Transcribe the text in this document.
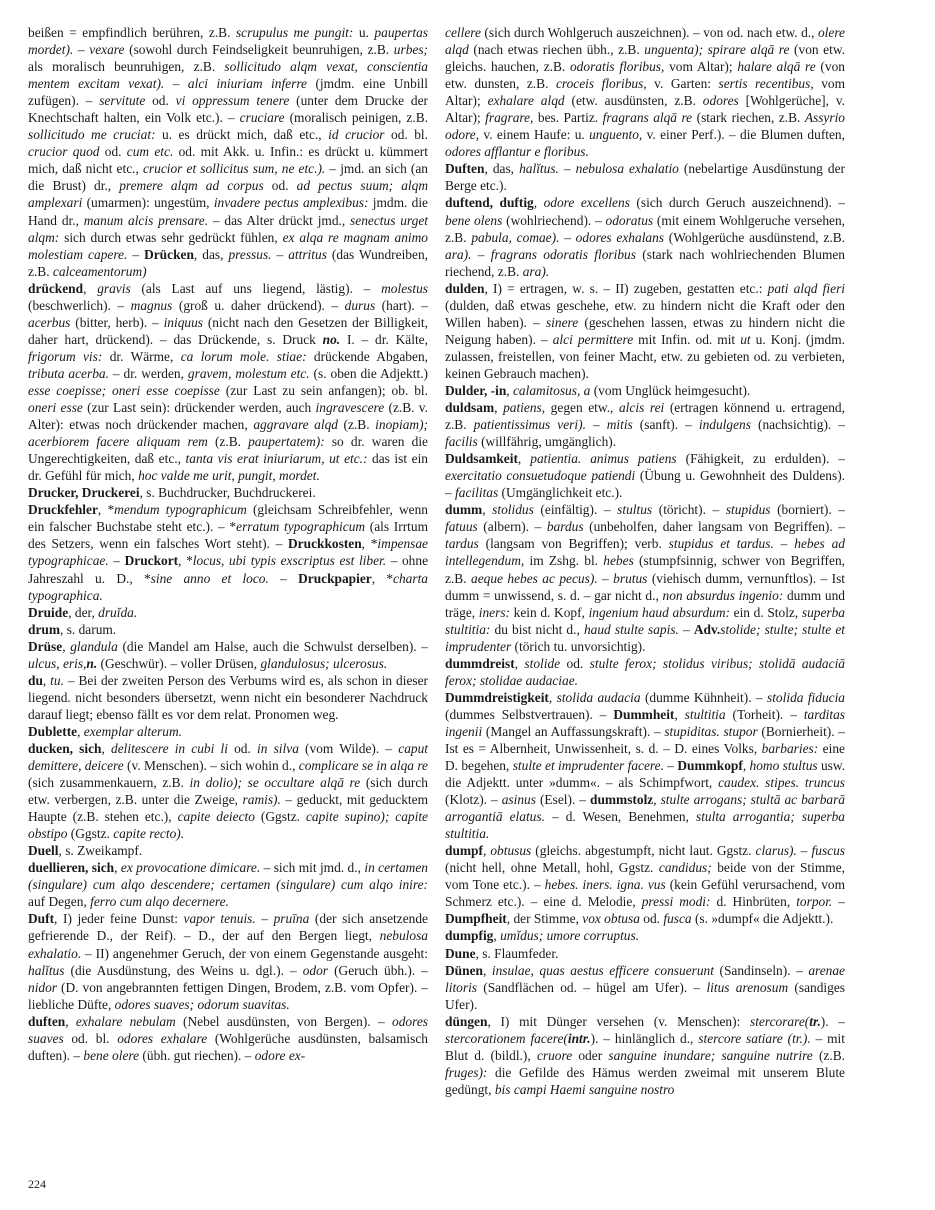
beißen = empfindlich berühren, z.B. scrupulus me pungit: u. paupertas mordet). – vexare (sowohl durch Feindseligkeit beunruhigen, z.B. urbes; als moralisch beunruhigen, z.B. sollicitudo alqm vexat, conscientia mentem excitam vexat). – alci iniuriam inferre (jmdm. eine Unbill zufügen). – servitute od. vi oppressum tenere (unter dem Drucke der Knechtschaft halten, ein Volk etc.). – cruciare (moralisch peinigen, z.B. sollicitudo me cruciat: u. es drückt mich, daß etc., id crucior od. bl. crucior quod od. cum etc. od. mit Akk. u. Infin.: es drückt u. kümmert mich, daß nicht etc., crucior et sollicitus sum, ne etc.). – jmd. an sich (an die Brust) dr., premere alqm ad corpus od. ad pectus suum; alqm amplexari (umarmen): ungestüm, invadere pectus amplexibus: jmdm. die Hand dr., manum alcis prensare. – das Alter drückt jmd., senectus urget alqm: sich durch etwas sehr gedrückt fühlen, ex alqa re magnam animo molestiam capere. – Drücken, das, pressus. – attritus (das Wundreiben, z.B. calceamentorum)
drückend, gravis (als Last auf uns liegend, lästig). – molestus (beschwerlich). – magnus (groß u. daher drückend). – durus (hart). – acerbus (bitter, herb). – iniquus (nicht nach den Gesetzen der Billigkeit, daher hart, drückend). – das Drückende, s. Druck no. I. – dr. Kälte, frigorum vis: dr. Wärme, ca lorum mole. stiae: drückende Abgaben, tributa acerba. – dr. werden, gravem, molestum etc. (s. oben die Adjektt.) esse coepisse; oneri esse coepisse (zur Last zu sein anfangen); ob. bl. oneri esse (zur Last sein): drückender werden, auch ingravescere (z.B. v. Alter): etwas noch drückender machen, aggravare alqd (z.B. inopiam); acerbiorem facere aliquam rem (z.B. paupertatem): so dr. waren die Ungerechtigkeiten, daß etc., tanta vis erat iniuriarum, ut etc.: das ist ein dr. Gefühl für mich, hoc valde me urit, pungit, mordet.
Drucker, Druckerei, s. Buchdrucker, Buchdruckerei.
Druckfehler, *mendum typographicum (gleichsam Schreibfehler, wenn ein falscher Buchstabe steht etc.). – *erratum typographicum (als Irrtum des Setzers, wenn ein falsches Wort steht). – Druckkosten, *impensae typographicae. – Druckort, *locus, ubi typis exscriptus est liber. – ohne Jahreszahl u. D., *sine anno et loco. – Druckpapier, *charta typographica.
Druide, der, druĭda.
drum, s. darum.
Drüse, glandula (die Mandel am Halse, auch die Schwulst derselben). – ulcus, eris,n. (Geschwür). – voller Drüsen, glandulosus; ulcerosus.
du, tu. – Bei der zweiten Person des Verbums wird es, als schon in dieser liegend. nicht besonders übersetzt, wenn nicht ein besonderer Nachdruck darauf liegt; ebenso fällt es vor dem relat. Pronomen weg.
Dublette, exemplar alterum.
ducken, sich, delitescere in cubi li od. in silva (vom Wilde). – caput demittere, deicere (v. Menschen). – sich wohin d., complicare se in alqa re (sich zusammenkauern, z.B. in dolio); se occultare alqā re (sich durch etw. verbergen, z.B. unter die Zweige, ramis). – geduckt, mit geducktem Haupte (z.B. stehen etc.), capite deiecto (Ggstz. capite supino); capite obstipo (Ggstz. capite recto).
Duell, s. Zweikampf.
duellieren, sich, ex provocatione dimicare. – sich mit jmd. d., in certamen (singulare) cum alqo descendere; certamen (singulare) cum alqo inire: auf Degen, ferro cum alqo decernere.
Duft, I) jeder feine Dunst: vapor tenuis. – pruīna (der sich ansetzende gefrierende D., der Reif). – D., der auf den Bergen liegt, nebulosa exhalatio. – II) angenehmer Geruch, der von einem Gegenstande ausgeht: halĭtus (die Ausdünstung, des Weins u. dgl.). – odor (Geruch übh.). – nidor (D. von angebrannten fettigen Dingen, Brodem, z.B. vom Opfer). – liebliche Düfte, odores suaves; odorum suavitas.
duften, exhalare nebulam (Nebel ausdünsten, von Bergen). – odores suaves od. bl. odores exhalare (Wohlgerüche ausdünsten, balsamisch duften). – bene olere (übh. gut riechen). – odore ex-
cellere (sich durch Wohlgeruch auszeichnen). – von od. nach etw. d., olere alqd (nach etwas riechen übh., z.B. unguenta); spirare alqā re (von etw. gleichs. hauchen, z.B. odoratis floribus, vom Altar); halare alqā re (von etw. dunsten, z.B. croceis floribus, v. Garten: sertis recentibus, vom Altar); exhalare alqd (etw. ausdünsten, z.B. odores [Wohlgerüche], v. Altar); fragrare, bes. Partiz. fragrans alqā re (stark riechen, z.B. Assyrio odore, v. einem Haufe: u. unguento, v. einer Perf.). – die Blumen duften, odores afflantur e floribus.
Duften, das, halĭtus. – nebulosa exhalatio (nebelartige Ausdünstung der Berge etc.).
duftend, duftig, odore excellens (sich durch Geruch auszeichnend). – bene olens (wohlriechend). – odoratus (mit einem Wohlgeruche versehen, z.B. pabula, comae). – odores exhalans (Wohlgerüche ausdünstend, z.B. ara). – fragrans odoratis floribus (stark nach wohlriechenden Blumen riechend, z.B. ara).
dulden, I) = ertragen, w. s. – II) zugeben, gestatten etc.: pati alqd fieri (dulden, daß etwas geschehe, etw. zu hindern nicht die Kraft oder den Willen haben). – sinere (geschehen lassen, etwas zu hindern nicht die Neigung haben). – alci permittere mit Infin. od. mit ut u. Konj. (jmdm. zulassen, freistellen, von feiner Macht, etw. zu gebieten od. zu verbieten, keinen Gebrauch machen).
Dulder, -in, calamitosus, a (vom Unglück heimgesucht).
duldsam, patiens, gegen etw., alcis rei (ertragen könnend u. ertragend, z.B. patientissimus veri). – mitis (sanft). – indulgens (nachsichtig). – facilis (willfährig, umgänglich).
Duldsamkeit, patientia. animus patiens (Fähigkeit, zu erdulden). – exercitatio consuetudoque patiendi (Übung u. Gewohnheit des Duldens). – facilitas (Umgänglichkeit etc.).
dumm, stolidus (einfältig). – stultus (töricht). – stupidus (borniert). – fatuus (albern). – bardus (unbeholfen, daher langsam von Begriffen). – tardus (langsam von Begriffen); verb. stupidus et tardus. – hebes ad intellegendum, im Zshg. bl. hebes (stumpfsinnig, schwer von Begriffen, z.B. aeque hebes ac pecus). – brutus (viehisch dumm, vernunftlos). – Ist dumm = unwissend, s. d. – gar nicht d., non absurdus ingenio: dumm und träge, iners: kein d. Kopf, ingenium haud absurdum: ein d. Stolz, superba stultitia: du bist nicht d., haud stulte sapis. – Adv.stolide; stulte; stulte et imprudenter (törich tu. unvorsichtig).
dummdreist, stolide od. stulte ferox; stolidus viribus; stolidā audaciā ferox; stolidae audaciae.
Dummdreistigkeit, stolida audacia (dumme Kühnheit). – stolida fiducia (dummes Selbstvertrauen). – Dummheit, stultitia (Torheit). – tarditas ingenii (Mangel an Auffassungskraft). – stupiditas. stupor (Bornierheit). – Ist es = Albernheit, Unwissenheit, s. d. – D. eines Volks, barbaries: eine D. begehen, stulte et imprudenter facere. – Dummkopf, homo stultus usw. die Adjektt. unter »dumm«. – als Schimpfwort, caudex. stipes. truncus (Klotz). – asinus (Esel). – dummstolz, stulte arrogans; stultā ac barbarā arrogantiā elatus. – d. Wesen, Benehmen, stulta arrogantia; superba stultitia.
dumpf, obtusus (gleichs. abgestumpft, nicht laut. Ggstz. clarus). – fuscus (nicht hell, ohne Metall, hohl, Ggstz. candidus; beide von der Stimme, vom Tone etc.). – hebes. iners. igna. vus (kein Gefühl verursachend, vom Schmerz etc.). – eine d. Melodie, pressi modi: d. Hinbrüten, torpor. – Dumpfheit, der Stimme, vox obtusa od. fusca (s. »dumpf« die Adjektt.).
dumpfig, umĭdus; umore corruptus.
Dune, s. Flaumfeder.
Dünen, insulae, quas aestus efficere consuerunt (Sandinseln). – arenae litoris (Sandflächen od. – hügel am Ufer). – litus arenosum (sandiges Ufer).
düngen, I) mit Dünger versehen (v. Menschen): stercorare(tr.). – stercorationem facere(intr.). – hinlänglich d., stercore satiare (tr.). – mit Blut d. (bildl.), cruore oder sanguine inundare; sanguine nutrire (z.B. fruges): die Gefilde des Hämus werden zweimal mit unserem Blute gedüngt, bis campi Haemi sanguine nostro
224
